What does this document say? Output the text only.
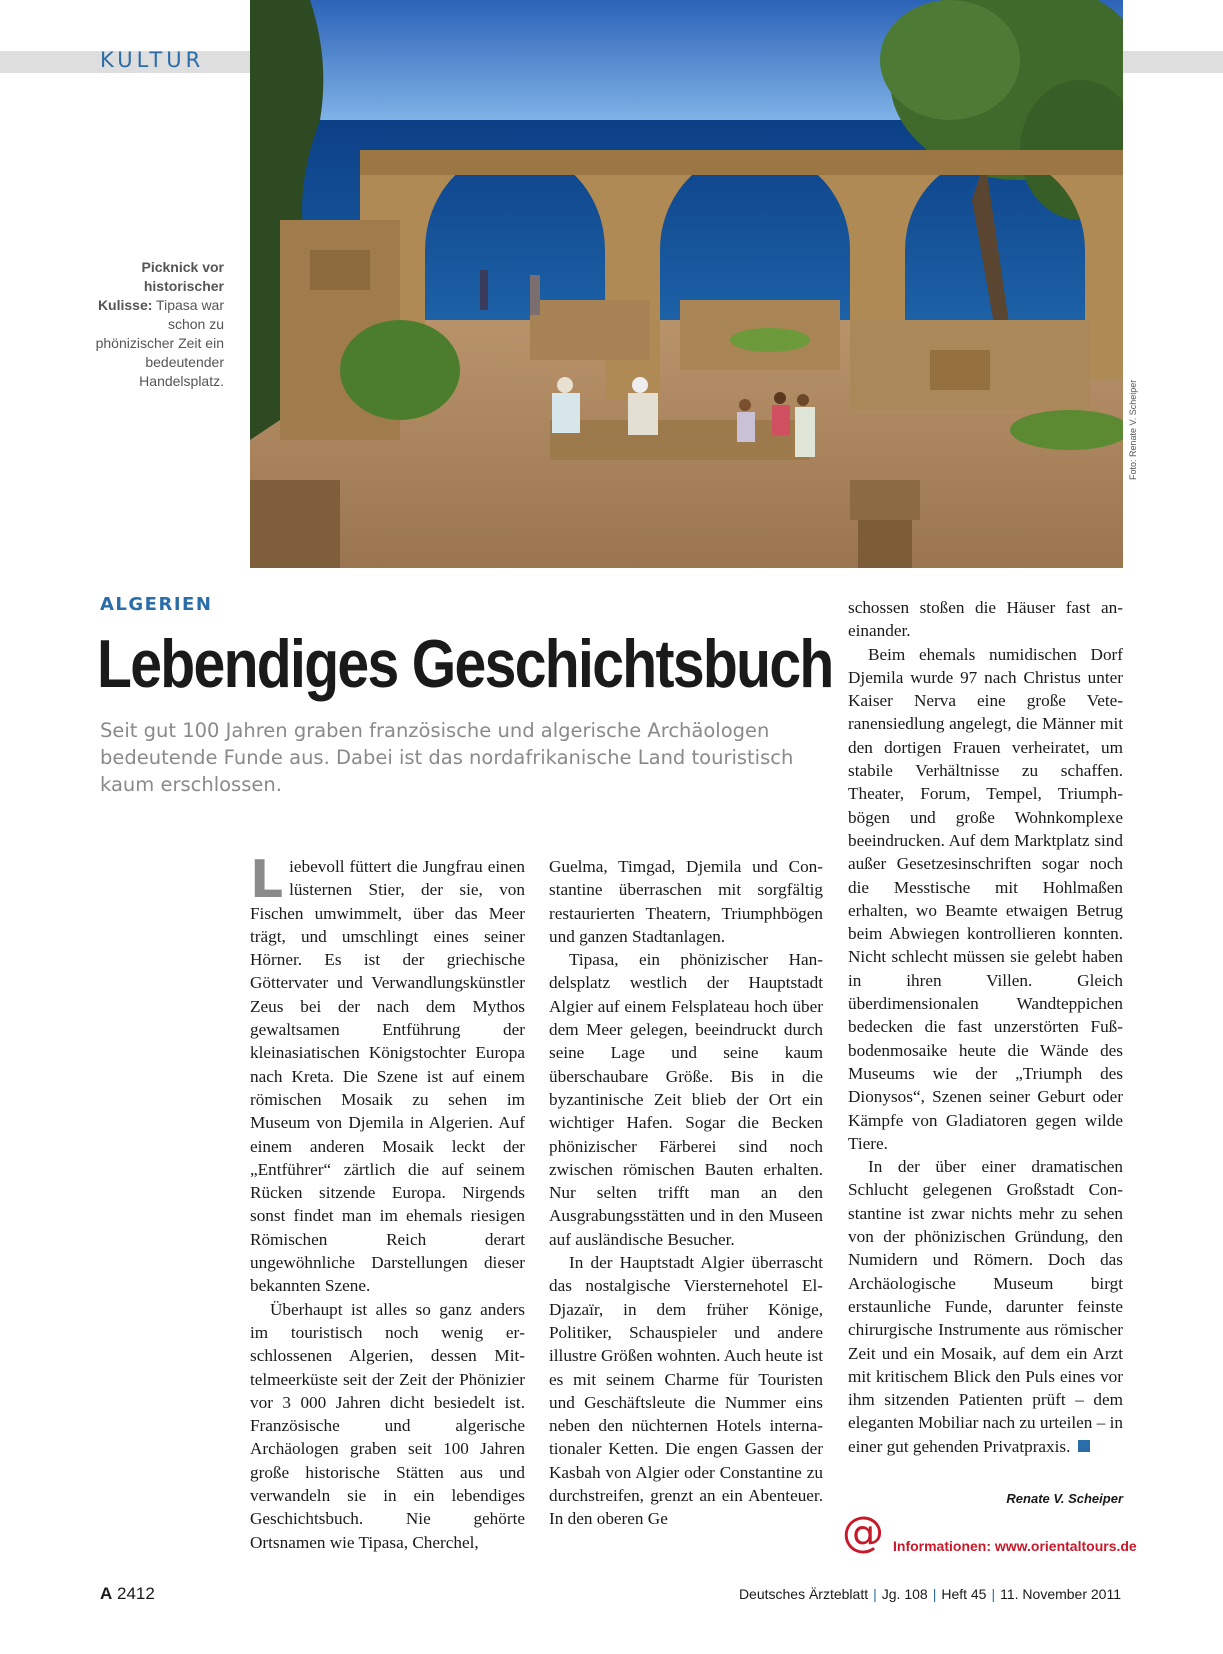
KULTUR
Foto: Renate V. Scheiper
Picknick vor historischer Kulisse: Tipasa war schon zu phönizischer Zeit ein bedeutender Handelsplatz.
ALGERIEN
Lebendiges Geschichtsbuch
Seit gut 100 Jahren graben französische und algerische Archäologen bedeutende Funde aus. Dabei ist das nordafrikanische Land touristisch kaum erschlossen.

Liebevoll füttert die Jungfrau einen lüsternen Stier, der sie, von Fischen umwimmelt, über das Meer trägt, und umschlingt eines seiner Hörner. Es ist der griechische Göttervater und Verwandlungskünstler Zeus bei der nach dem Mythos gewaltsamen Entführung der kleinasiatischen Königstochter Europa nach Kreta. Die Szene ist auf einem römischen Mosaik zu sehen im Museum von Djemila in Algerien. Auf einem anderen Mosaik leckt der „Entführer“ zärtlich die auf seinem Rücken sitzende Europa. Nirgends sonst findet man im ehemals riesigen Römischen Reich derart ungewöhnliche Darstellungen dieser bekannten Szene.

Überhaupt ist alles so ganz anders im touristisch noch wenig erschlossenen Algerien, dessen Mittelmeerküste seit der Zeit der Phönizier vor 3 000 Jahren dicht besiedelt ist. Französische und algerische Archäologen graben seit 100 Jahren große historische Stätten aus und verwandeln sie in ein lebendiges Geschichtsbuch. Nie gehörte Ortsnamen wie Tipasa, Cherchel,

Guelma, Timgad, Djemila und Constantine überraschen mit sorgfältig restaurierten Theatern, Triumphbögen und ganzen Stadtanlagen.

Tipasa, ein phönizischer Handelsplatz westlich der Hauptstadt Algier auf einem Felsplateau hoch über dem Meer gelegen, beeindruckt durch seine Lage und seine kaum überschaubare Größe. Bis in die byzantinische Zeit blieb der Ort ein wichtiger Hafen. Sogar die Becken phönizischer Färberei sind noch zwischen römischen Bauten erhalten. Nur selten trifft man an den Ausgrabungsstätten und in den Museen auf ausländische Besucher.

In der Hauptstadt Algier überrascht das nostalgische Viersternehotel El-Djazaïr, in dem früher Könige, Politiker, Schauspieler und andere illustre Größen wohnten. Auch heute ist es mit seinem Charme für Touristen und Geschäftsleute die Nummer eins neben den nüchternen Hotels internationaler Ketten. Die engen Gassen der Kasbah von Algier oder Constantine zu durchstreifen, grenzt an ein Abenteuer. In den oberen Ge

schossen stoßen die Häuser fast aneinander.

Beim ehemals numidischen Dorf Djemila wurde 97 nach Christus unter Kaiser Nerva eine große Veteranensiedlung angelegt, die Männer mit den dortigen Frauen verheiratet, um stabile Verhältnisse zu schaffen. Theater, Forum, Tempel, Triumphbögen und große Wohnkomplexe beeindrucken. Auf dem Marktplatz sind außer Gesetzesinschriften sogar noch die Messtische mit Hohlmaßen erhalten, wo Beamte etwaigen Betrug beim Abwiegen kontrollieren konnten. Nicht schlecht müssen sie gelebt haben in ihren Villen. Gleich überdimensionalen Wandteppichen bedecken die fast unzerstörten Fußbodenmosaike heute die Wände des Museums wie der „Triumph des Dionysos“, Szenen seiner Geburt oder Kämpfe von Gladiatoren gegen wilde Tiere.

In der über einer dramatischen Schlucht gelegenen Großstadt Constantine ist zwar nichts mehr zu sehen von der phönizischen Gründung, den Numidern und Römern. Doch das Archäologische Museum birgt erstaunliche Funde, darunter feinste chirurgische Instrumente aus römischer Zeit und ein Mosaik, auf dem ein Arzt mit kritischem Blick den Puls eines vor ihm sitzenden Patienten prüft – dem eleganten Mobiliar nach zu urteilen – in einer gut gehenden Privatpraxis.

Renate V. Scheiper
@ Informationen: www.orientaltours.de
A 2412	Deutsches Ärzteblatt | Jg. 108 | Heft 45 | 11. November 2011
